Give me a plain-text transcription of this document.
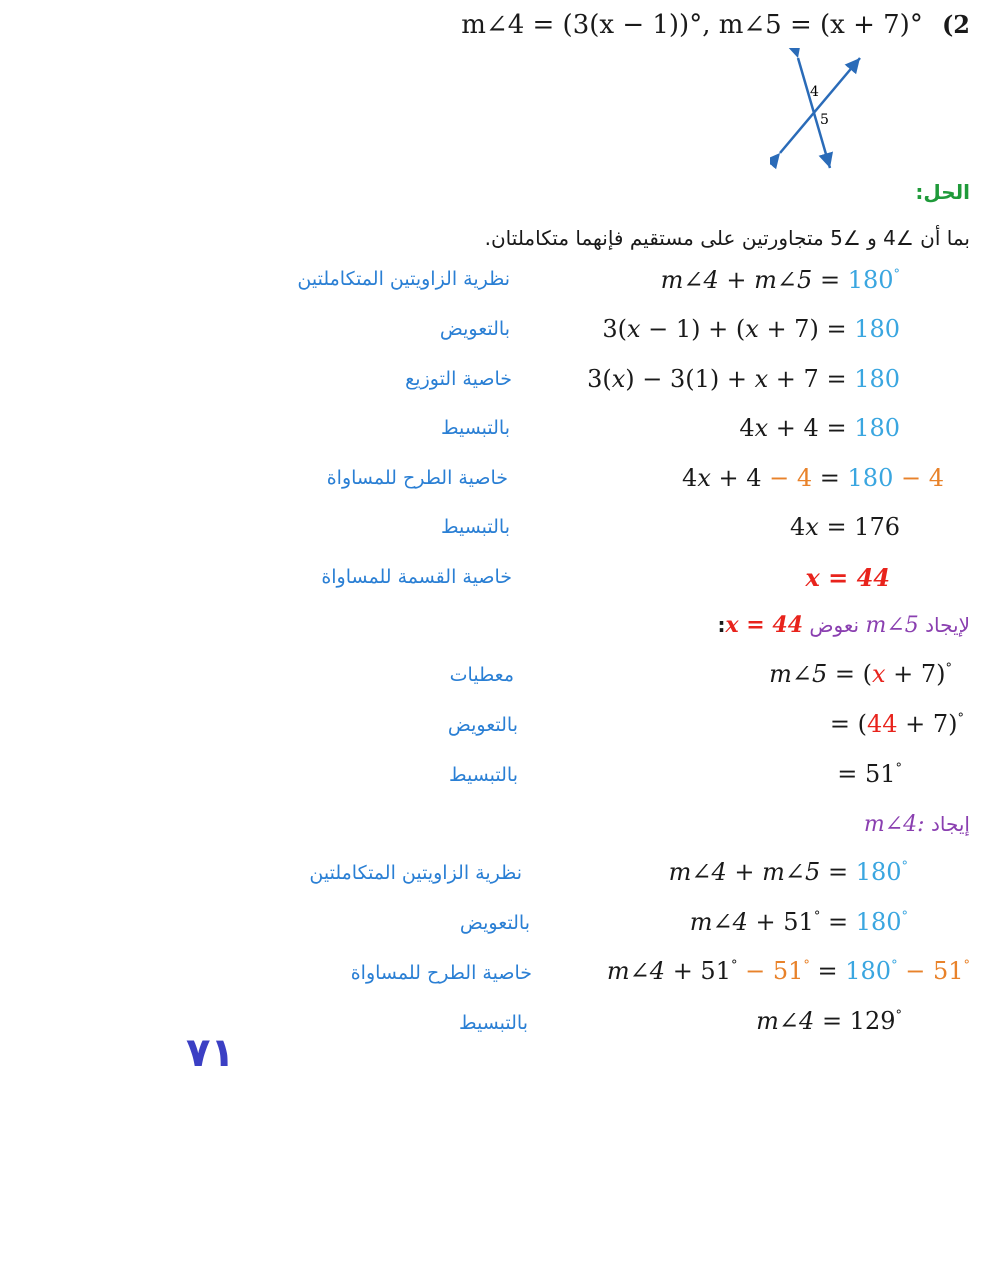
m∠4 = (3(x − 1))°, m∠5 = (x + 7)° (2
4
5
الحل:
بما أن ∠4 و ∠5 متجاورتين على مستقيم فإنهما متكاملتان.
m∠4 + m∠5 = 180°
نظرية الزاويتين المتكاملتين
3(x − 1) + (x + 7) = 180
بالتعويض
3(x) − 3(1) + x + 7 = 180
خاصية التوزيع
4x + 4 = 180
بالتبسيط
4x + 4 − 4 = 180 − 4
خاصية الطرح للمساواة
4x = 176
بالتبسيط
x = 44
خاصية القسمة للمساواة
لإيجاد m∠5 نعوض x = 44:
m∠5 = (x + 7)°
معطيات
= (44 + 7)°
بالتعويض
= 51°
بالتبسيط
إيجاد m∠4:
m∠4 + m∠5 = 180°
نظرية الزاويتين المتكاملتين
m∠4 + 51° = 180°
بالتعويض
m∠4 + 51° − 51° = 180° − 51°
خاصية الطرح للمساواة
m∠4 = 129°
بالتبسيط
٧١
